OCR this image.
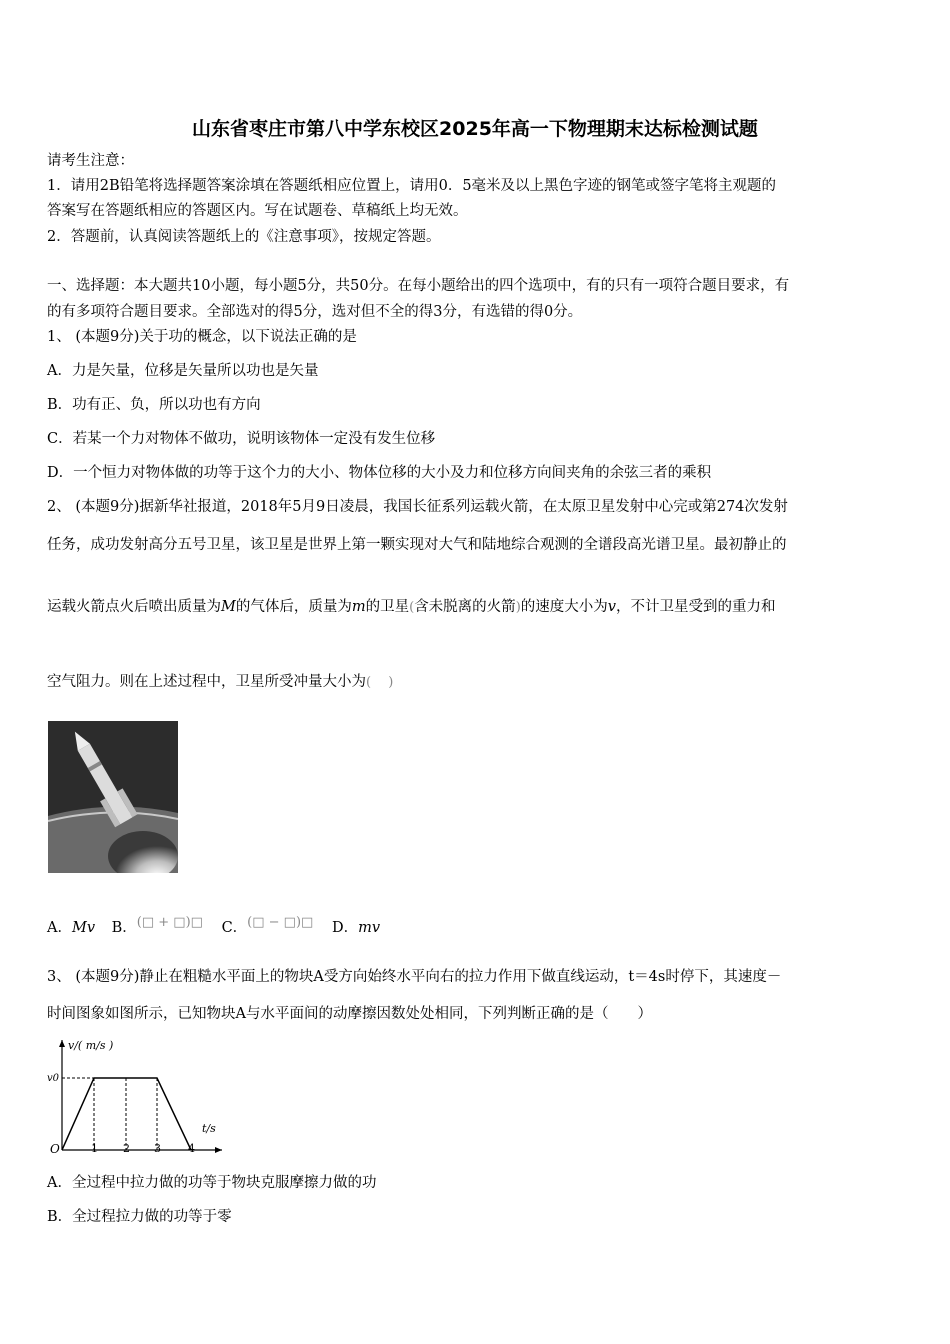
山东省枣庄市第八中学东校区2025年高一下物理期末达标检测试题
请考生注意：
1．请用2B铅笔将选择题答案涂填在答题纸相应位置上，请用0．5毫米及以上黑色字迹的钢笔或签字笔将主观题的
答案写在答题纸相应的答题区内。写在试题卷、草稿纸上均无效。
2．答题前，认真阅读答题纸上的《注意事项》，按规定答题。
一、选择题：本大题共10小题，每小题5分，共50分。在每小题给出的四个选项中，有的只有一项符合题目要求，有
的有多项符合题目要求。全部选对的得5分，选对但不全的得3分，有选错的得0分。
1、 (本题9分)关于功的概念，以下说法正确的是
A．力是矢量，位移是矢量所以功也是矢量
B．功有正、负，所以功也有方向
C．若某一个力对物体不做功，说明该物体一定没有发生位移
D．一个恒力对物体做的功等于这个力的大小、物体位移的大小及力和位移方向间夹角的余弦三者的乘积
2、 (本题9分)据新华社报道，2018年5月9日凌晨，我国长征系列运载火箭，在太原卫星发射中心完或第274次发射
任务，成功发射高分五号卫星，该卫星是世界上第一颗实现对大气和陆地综合观测的全谱段高光谱卫星。最初静止的
运载火箭点火后喷出质量为M的气体后，质量为m的卫星(含未脱离的火箭)的速度大小为v，不计卫星受到的重力和
空气阻力。则在上述过程中，卫星所受冲量大小为(　 )
A．Mv B．(□ + □)□ C．(□ − □)□ D．mv
3、 (本题9分)静止在粗糙水平面上的物块A受方向始终水平向右的拉力作用下做直线运动，t＝4s时停下，其速度－
时间图象如图所示，已知物块A与水平面间的动摩擦因数处处相同，下列判断正确的是（　　）
v/( m/s )
v0
t/s
O	1 2 3 4
A．全过程中拉力做的功等于物块克服摩擦力做的功
B．全过程拉力做的功等于零
